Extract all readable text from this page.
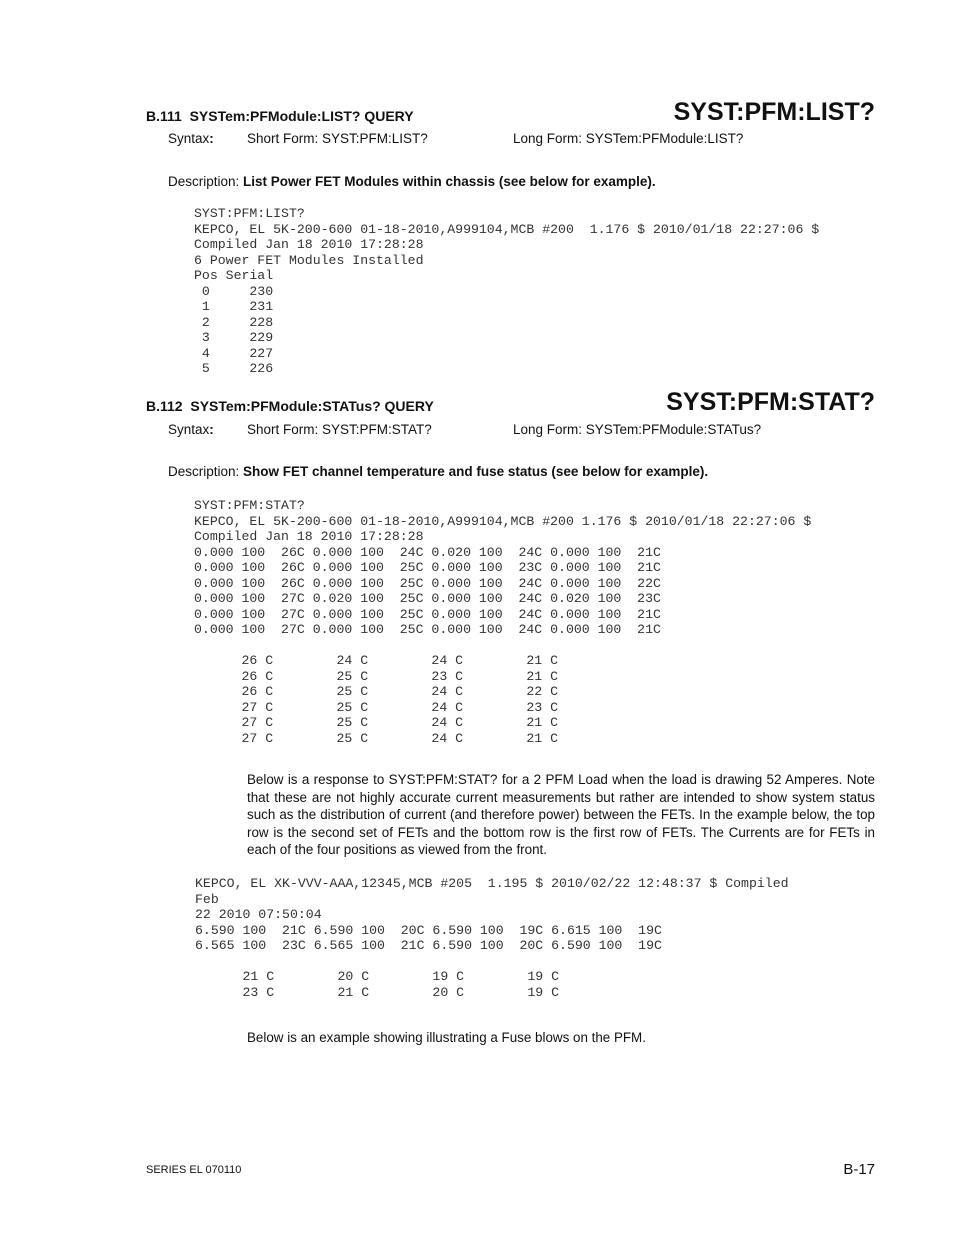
B.111  SYSTem:PFModule:LIST? QUERY	SYST:PFM:LIST?
Syntax: Short Form: SYST:PFM:LIST?	Long Form: SYSTem:PFModule:LIST?
Description: List Power FET Modules within chassis (see below for example).
SYST:PFM:LIST?
KEPCO, EL 5K-200-600 01-18-2010,A999104,MCB #200  1.176 $ 2010/01/18 22:27:06 $
Compiled Jan 18 2010 17:28:28
6 Power FET Modules Installed
Pos Serial
0     230
1     231
2     228
3     229
4     227
5     226
B.112  SYSTem:PFModule:STATus? QUERY	SYST:PFM:STAT?
Syntax: Short Form: SYST:PFM:STAT?	Long Form: SYSTem:PFModule:STATus?
Description: Show FET channel temperature and fuse status (see below for example).
SYST:PFM:STAT?
KEPCO, EL 5K-200-600 01-18-2010,A999104,MCB #200 1.176 $ 2010/01/18 22:27:06 $
Compiled Jan 18 2010 17:28:28
0.000 100  26C 0.000 100  24C 0.020 100  24C 0.000 100  21C
0.000 100  26C 0.000 100  25C 0.000 100  23C 0.000 100  21C
0.000 100  26C 0.000 100  25C 0.000 100  24C 0.000 100  22C
0.000 100  27C 0.020 100  25C 0.000 100  24C 0.020 100  23C
0.000 100  27C 0.000 100  25C 0.000 100  24C 0.000 100  21C
0.000 100  27C 0.000 100  25C 0.000 100  24C 0.000 100  21C

26 C        24 C        24 C        21 C
26 C        25 C        23 C        21 C
26 C        25 C        24 C        22 C
27 C        25 C        24 C        23 C
27 C        25 C        24 C        21 C
27 C        25 C        24 C        21 C
Below is a response to SYST:PFM:STAT? for a 2 PFM Load when the load is drawing 52 Amperes. Note that these are not highly accurate current measurements but rather are intended to show system status such as the distribution of current (and therefore power) between the FETs. In the example below, the top row is the second set of FETs and the bottom row is the first row of FETs. The Currents are for FETs in each of the four positions as viewed from the front.
KEPCO, EL XK-VVV-AAA,12345,MCB #205  1.195 $ 2010/02/22 12:48:37 $ Compiled
Feb
22 2010 07:50:04
6.590 100  21C 6.590 100  20C 6.590 100  19C 6.615 100  19C
6.565 100  23C 6.565 100  21C 6.590 100  20C 6.590 100  19C

21 C        20 C        19 C        19 C
23 C        21 C        20 C        19 C
Below is an example showing illustrating a Fuse blows on the PFM.
SERIES EL 070110	B-17
